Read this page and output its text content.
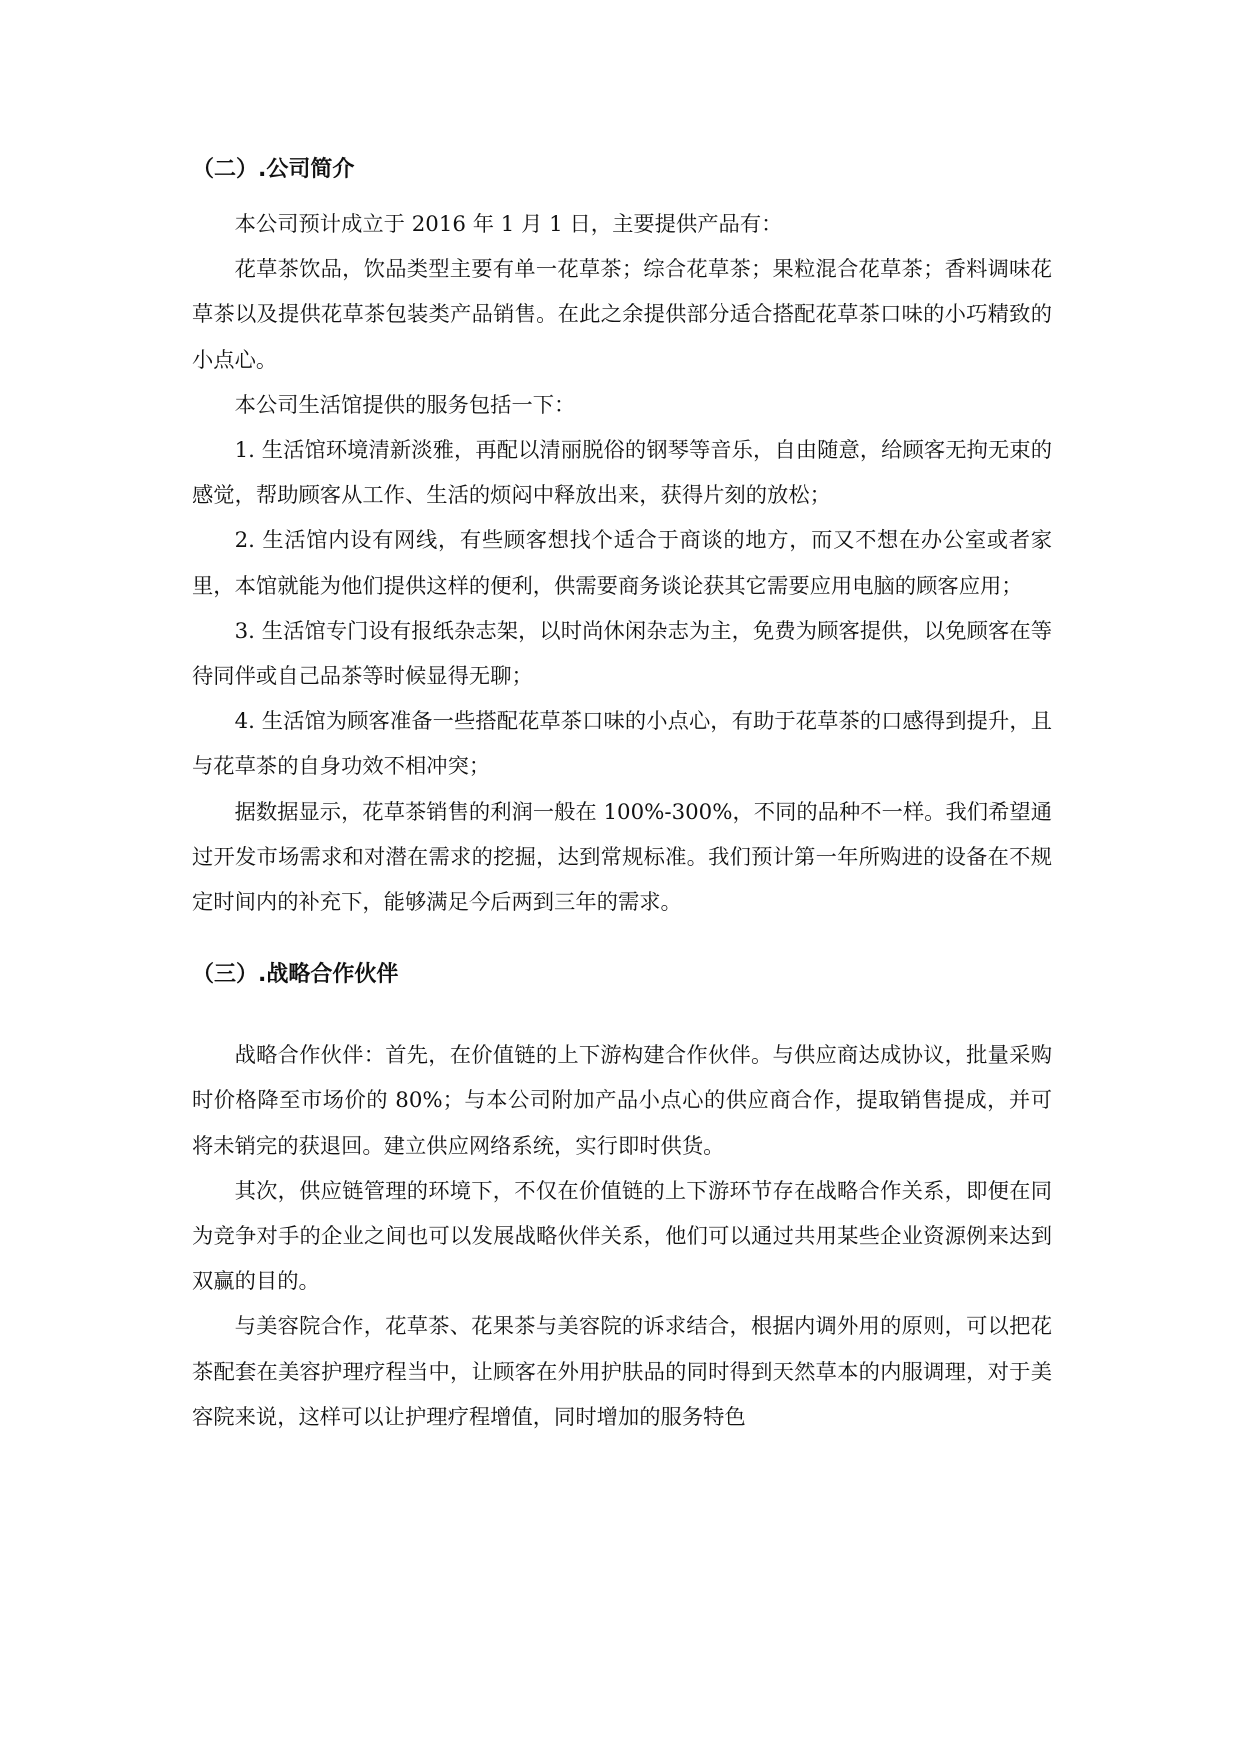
（二）.公司简介

本公司预计成立于 2016 年 1 月 1 日，主要提供产品有：

花草茶饮品，饮品类型主要有单一花草茶；综合花草茶；果粒混合花草茶；香料调味花草茶以及提供花草茶包装类产品销售。在此之余提供部分适合搭配花草茶口味的小巧精致的小点心。

本公司生活馆提供的服务包括一下：

1. 生活馆环境清新淡雅，再配以清丽脱俗的钢琴等音乐，自由随意，给顾客无拘无束的感觉，帮助顾客从工作、生活的烦闷中释放出来，获得片刻的放松；

2. 生活馆内设有网线，有些顾客想找个适合于商谈的地方，而又不想在办公室或者家里，本馆就能为他们提供这样的便利，供需要商务谈论获其它需要应用电脑的顾客应用；

3. 生活馆专门设有报纸杂志架，以时尚休闲杂志为主，免费为顾客提供，以免顾客在等待同伴或自己品茶等时候显得无聊；

4. 生活馆为顾客准备一些搭配花草茶口味的小点心，有助于花草茶的口感得到提升，且与花草茶的自身功效不相冲突；

据数据显示，花草茶销售的利润一般在 100%-300%，不同的品种不一样。我们希望通过开发市场需求和对潜在需求的挖掘，达到常规标准。我们预计第一年所购进的设备在不规定时间内的补充下，能够满足今后两到三年的需求。

（三）.战略合作伙伴

战略合作伙伴：首先，在价值链的上下游构建合作伙伴。与供应商达成协议，批量采购时价格降至市场价的 80%；与本公司附加产品小点心的供应商合作，提取销售提成，并可将未销完的获退回。建立供应网络系统，实行即时供货。

其次，供应链管理的环境下，不仅在价值链的上下游环节存在战略合作关系，即便在同为竞争对手的企业之间也可以发展战略伙伴关系，他们可以通过共用某些企业资源例来达到双赢的目的。

与美容院合作，花草茶、花果茶与美容院的诉求结合，根据内调外用的原则，可以把花茶配套在美容护理疗程当中，让顾客在外用护肤品的同时得到天然草本的内服调理，对于美容院来说，这样可以让护理疗程增值，同时增加的服务特色
